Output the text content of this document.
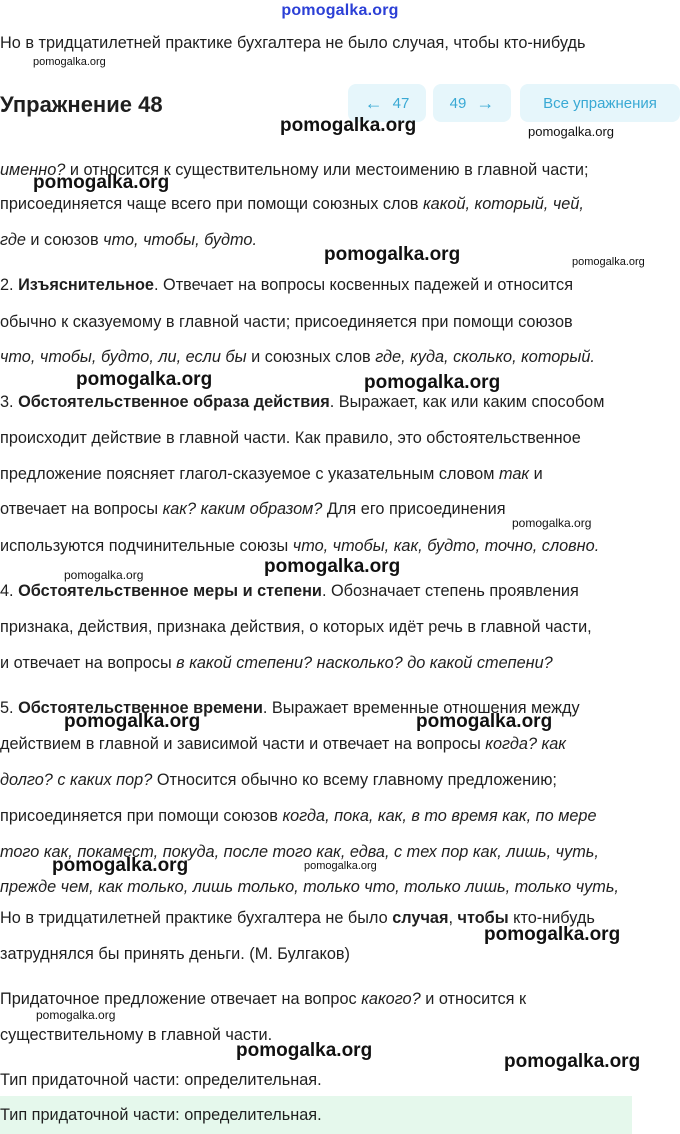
pomogalka.org

Но в тридцатилетней практике бухгалтера не было случая, чтобы кто-нибудь

pomogalka.org
Упражнение 48	← 47	49 →	Все упражнения
pomogalka.org	pomogalka.org

именно? и относится к существительному или местоимению в главной части;

pomogalka.org

присоединяется чаще всего при помощи союзных слов какой, который, чей,

где и союзов что, чтобы, будто.

pomogalka.org	pomogalka.org

2. Изъяснительное. Отвечает на вопросы косвенных падежей и относится

обычно к сказуемому в главной части; присоединяется при помощи союзов

что, чтобы, будто, ли, если бы и союзных слов где, куда, сколько, который.

pomogalka.org	pomogalka.org

3. Обстоятельственное образа действия. Выражает, как или каким способом

происходит действие в главной части. Как правило, это обстоятельственное

предложение поясняет глагол-сказуемое с указательным словом так и

отвечает на вопросы как? каким образом? Для его присоединения

pomogalka.org

используются подчинительные союзы что, чтобы, как, будто, точно, словно.

pomogalka.org
pomogalka.org

4. Обстоятельственное меры и степени. Обозначает степень проявления

признака, действия, признака действия, о которых идёт речь в главной части,

и отвечает на вопросы в какой степени? насколько? до какой степени?

5. Обстоятельственное времени. Выражает временные отношения между

pomogalka.org	pomogalka.org

действием в главной и зависимой части и отвечает на вопросы когда? как

долго? с каких пор? Относится обычно ко всему главному предложению;

присоединяется при помощи союзов когда, пока, как, в то время как, по мере

того как, покамест, покуда, после того как, едва, с тех пор как, лишь, чуть,

pomogalka.org	pomogalka.org

прежде чем, как только, лишь только, только что, только лишь, только чуть,

Но в тридцатилетней практике бухгалтера не было случая, чтобы кто-нибудь

pomogalka.org

затруднялся бы принять деньги. (М. Булгаков)

Придаточное предложение отвечает на вопрос какого? и относится к

pomogalka.org

существительному в главной части.

pomogalka.org
pomogalka.org

Тип придаточной части: определительная.

Тип придаточной части: определительная.
